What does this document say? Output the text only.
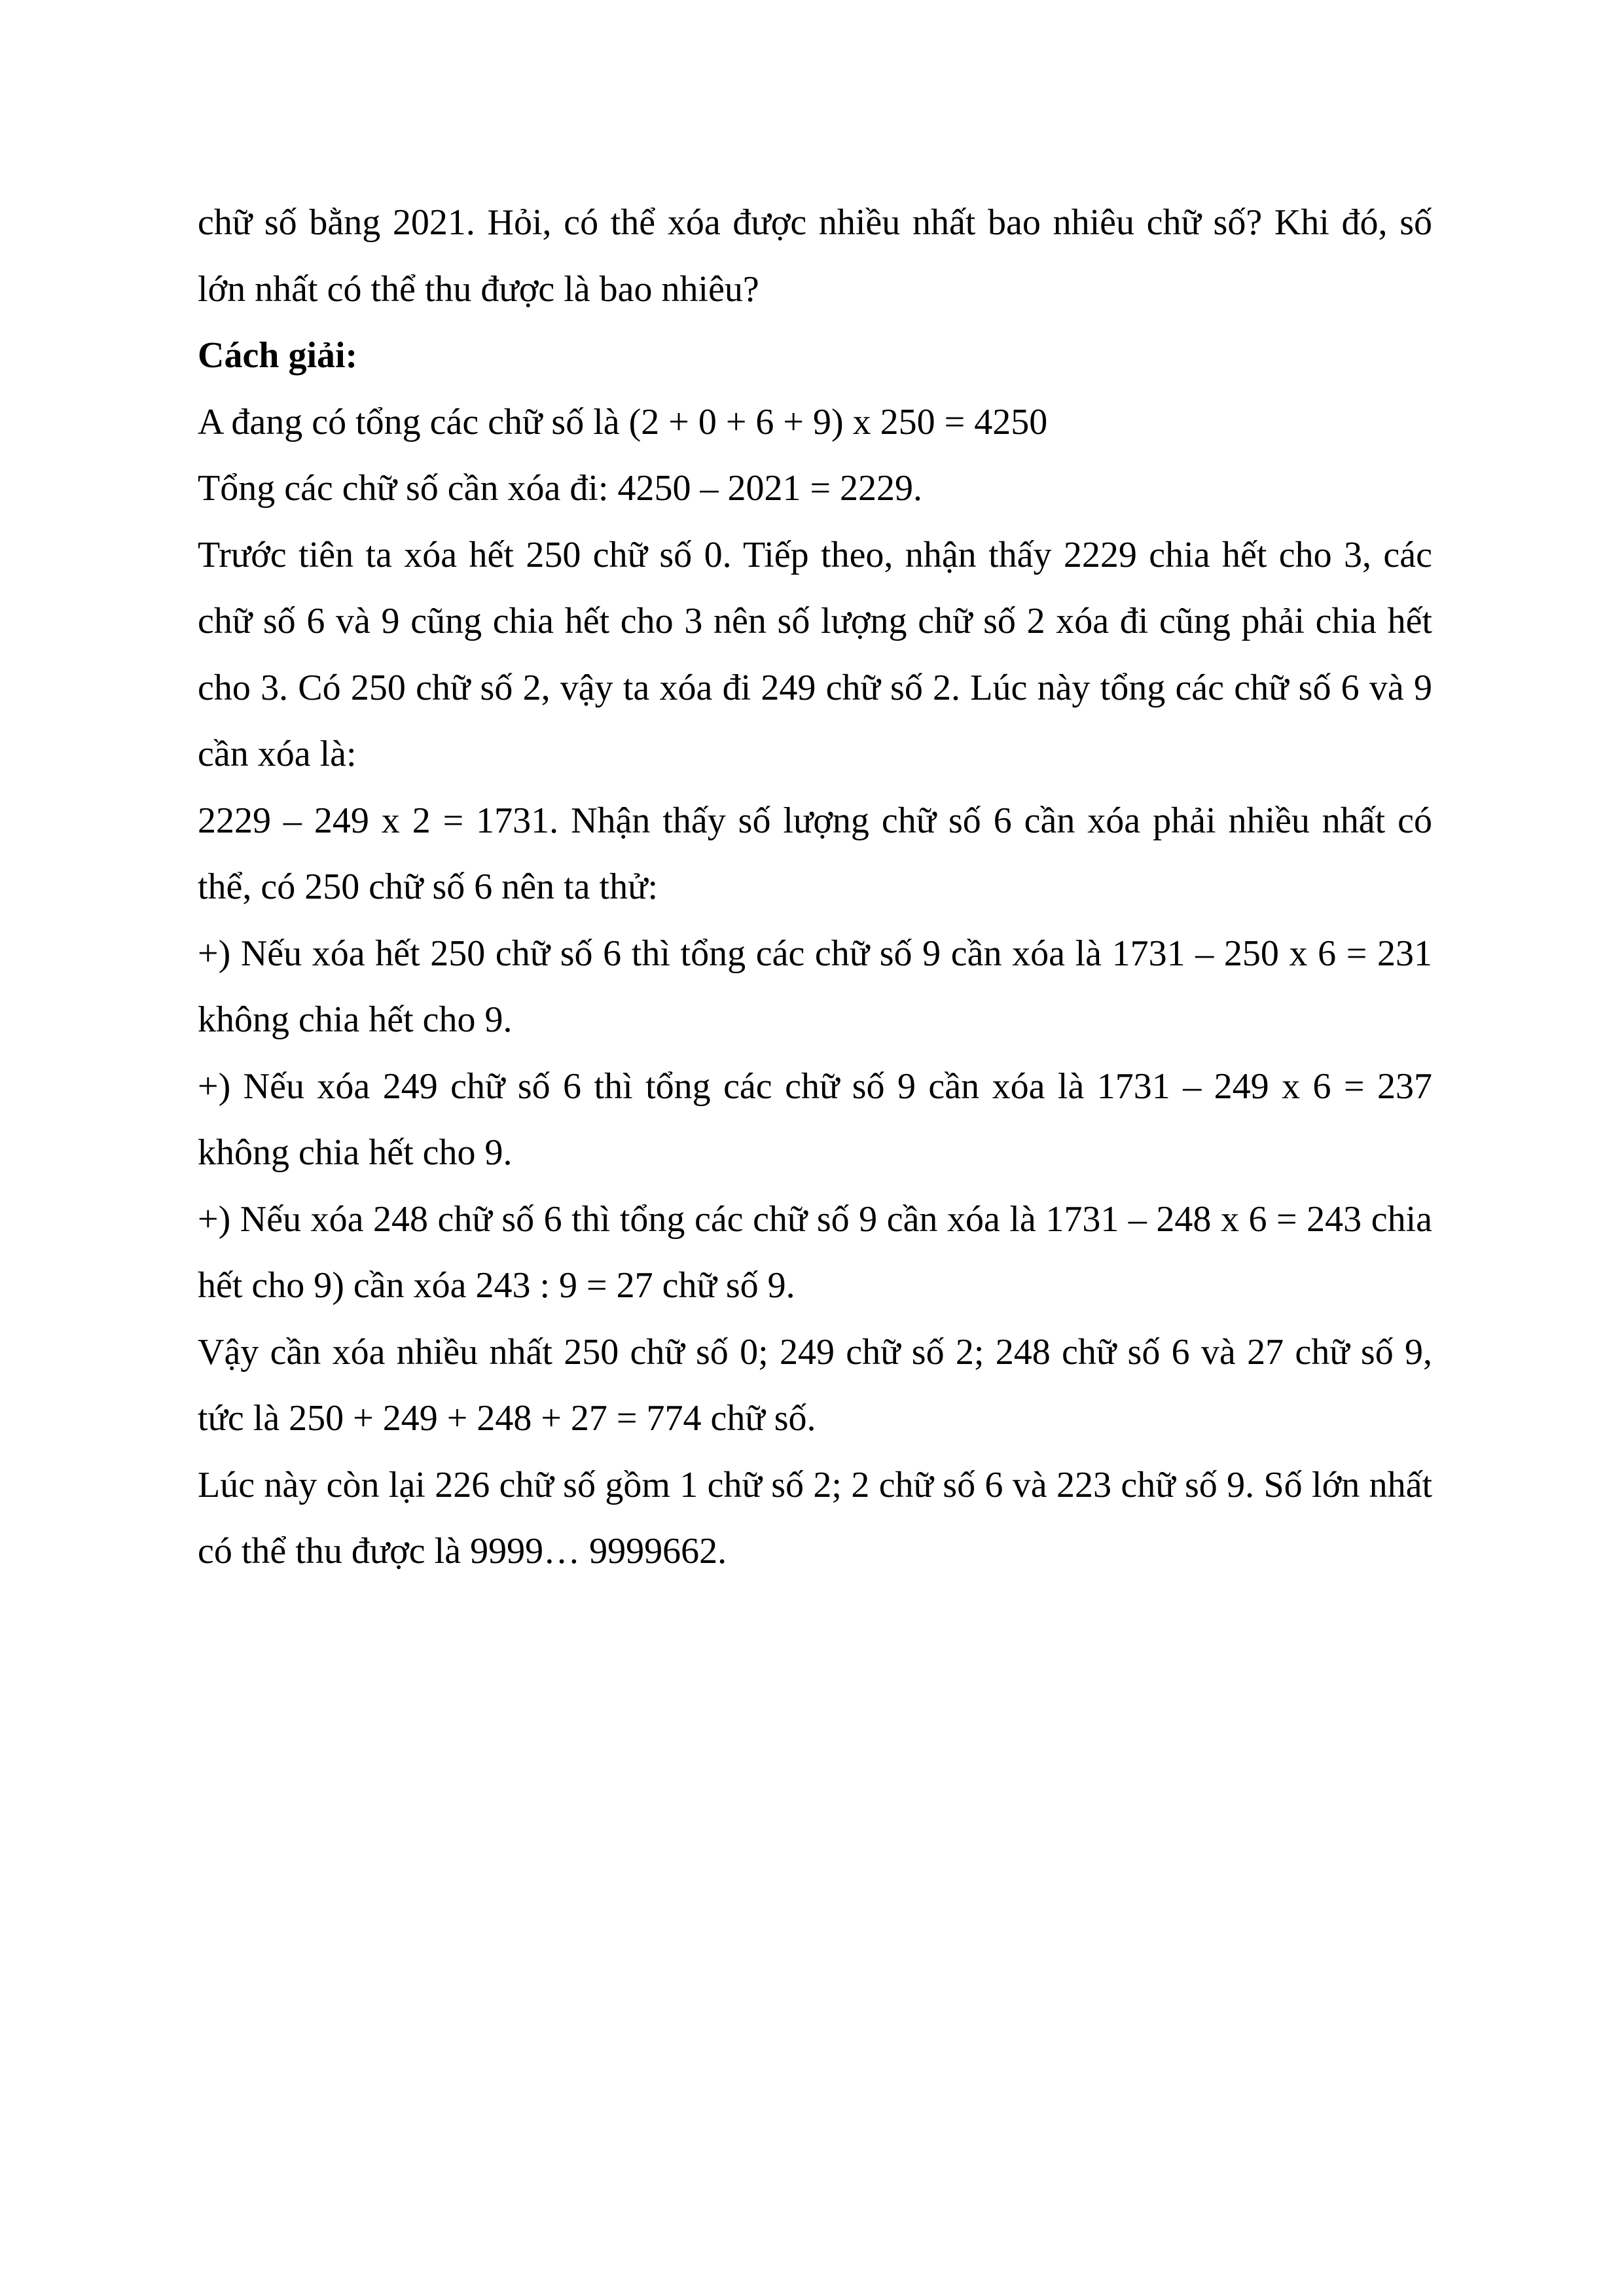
chữ số bằng 2021. Hỏi, có thể xóa được nhiều nhất bao nhiêu chữ số? Khi đó, số lớn nhất có thể thu được là bao nhiêu?

Cách giải:

A đang có tổng các chữ số là (2 + 0 + 6 + 9) x 250 = 4250

Tổng các chữ số cần xóa đi: 4250 – 2021 = 2229.

Trước tiên ta xóa hết 250 chữ số 0. Tiếp theo, nhận thấy 2229 chia hết cho 3, các chữ số 6 và 9 cũng chia hết cho 3 nên số lượng chữ số 2 xóa đi cũng phải chia hết cho 3. Có 250 chữ số 2, vậy ta xóa đi 249 chữ số 2. Lúc này tổng các chữ số 6 và 9 cần xóa là:

2229 – 249 x 2 = 1731. Nhận thấy số lượng chữ số 6 cần xóa phải nhiều nhất có thể, có 250 chữ số 6 nên ta thử:

+) Nếu xóa hết 250 chữ số 6 thì tổng các chữ số 9 cần xóa là 1731 – 250 x 6 = 231 không chia hết cho 9.

+) Nếu xóa 249 chữ số 6 thì tổng các chữ số 9 cần xóa là 1731 – 249 x 6 = 237 không chia hết cho 9.

+) Nếu xóa 248 chữ số 6 thì tổng các chữ số 9 cần xóa là 1731 – 248 x 6 = 243 chia hết cho 9) cần xóa 243 : 9 = 27 chữ số 9.

Vậy cần xóa nhiều nhất 250 chữ số 0; 249 chữ số 2; 248 chữ số 6 và 27 chữ số 9, tức là 250 + 249 + 248 + 27 = 774 chữ số.

Lúc này còn lại 226 chữ số gồm 1 chữ số 2; 2 chữ số 6 và 223 chữ số 9. Số lớn nhất có thể thu được là 9999… 9999662.
